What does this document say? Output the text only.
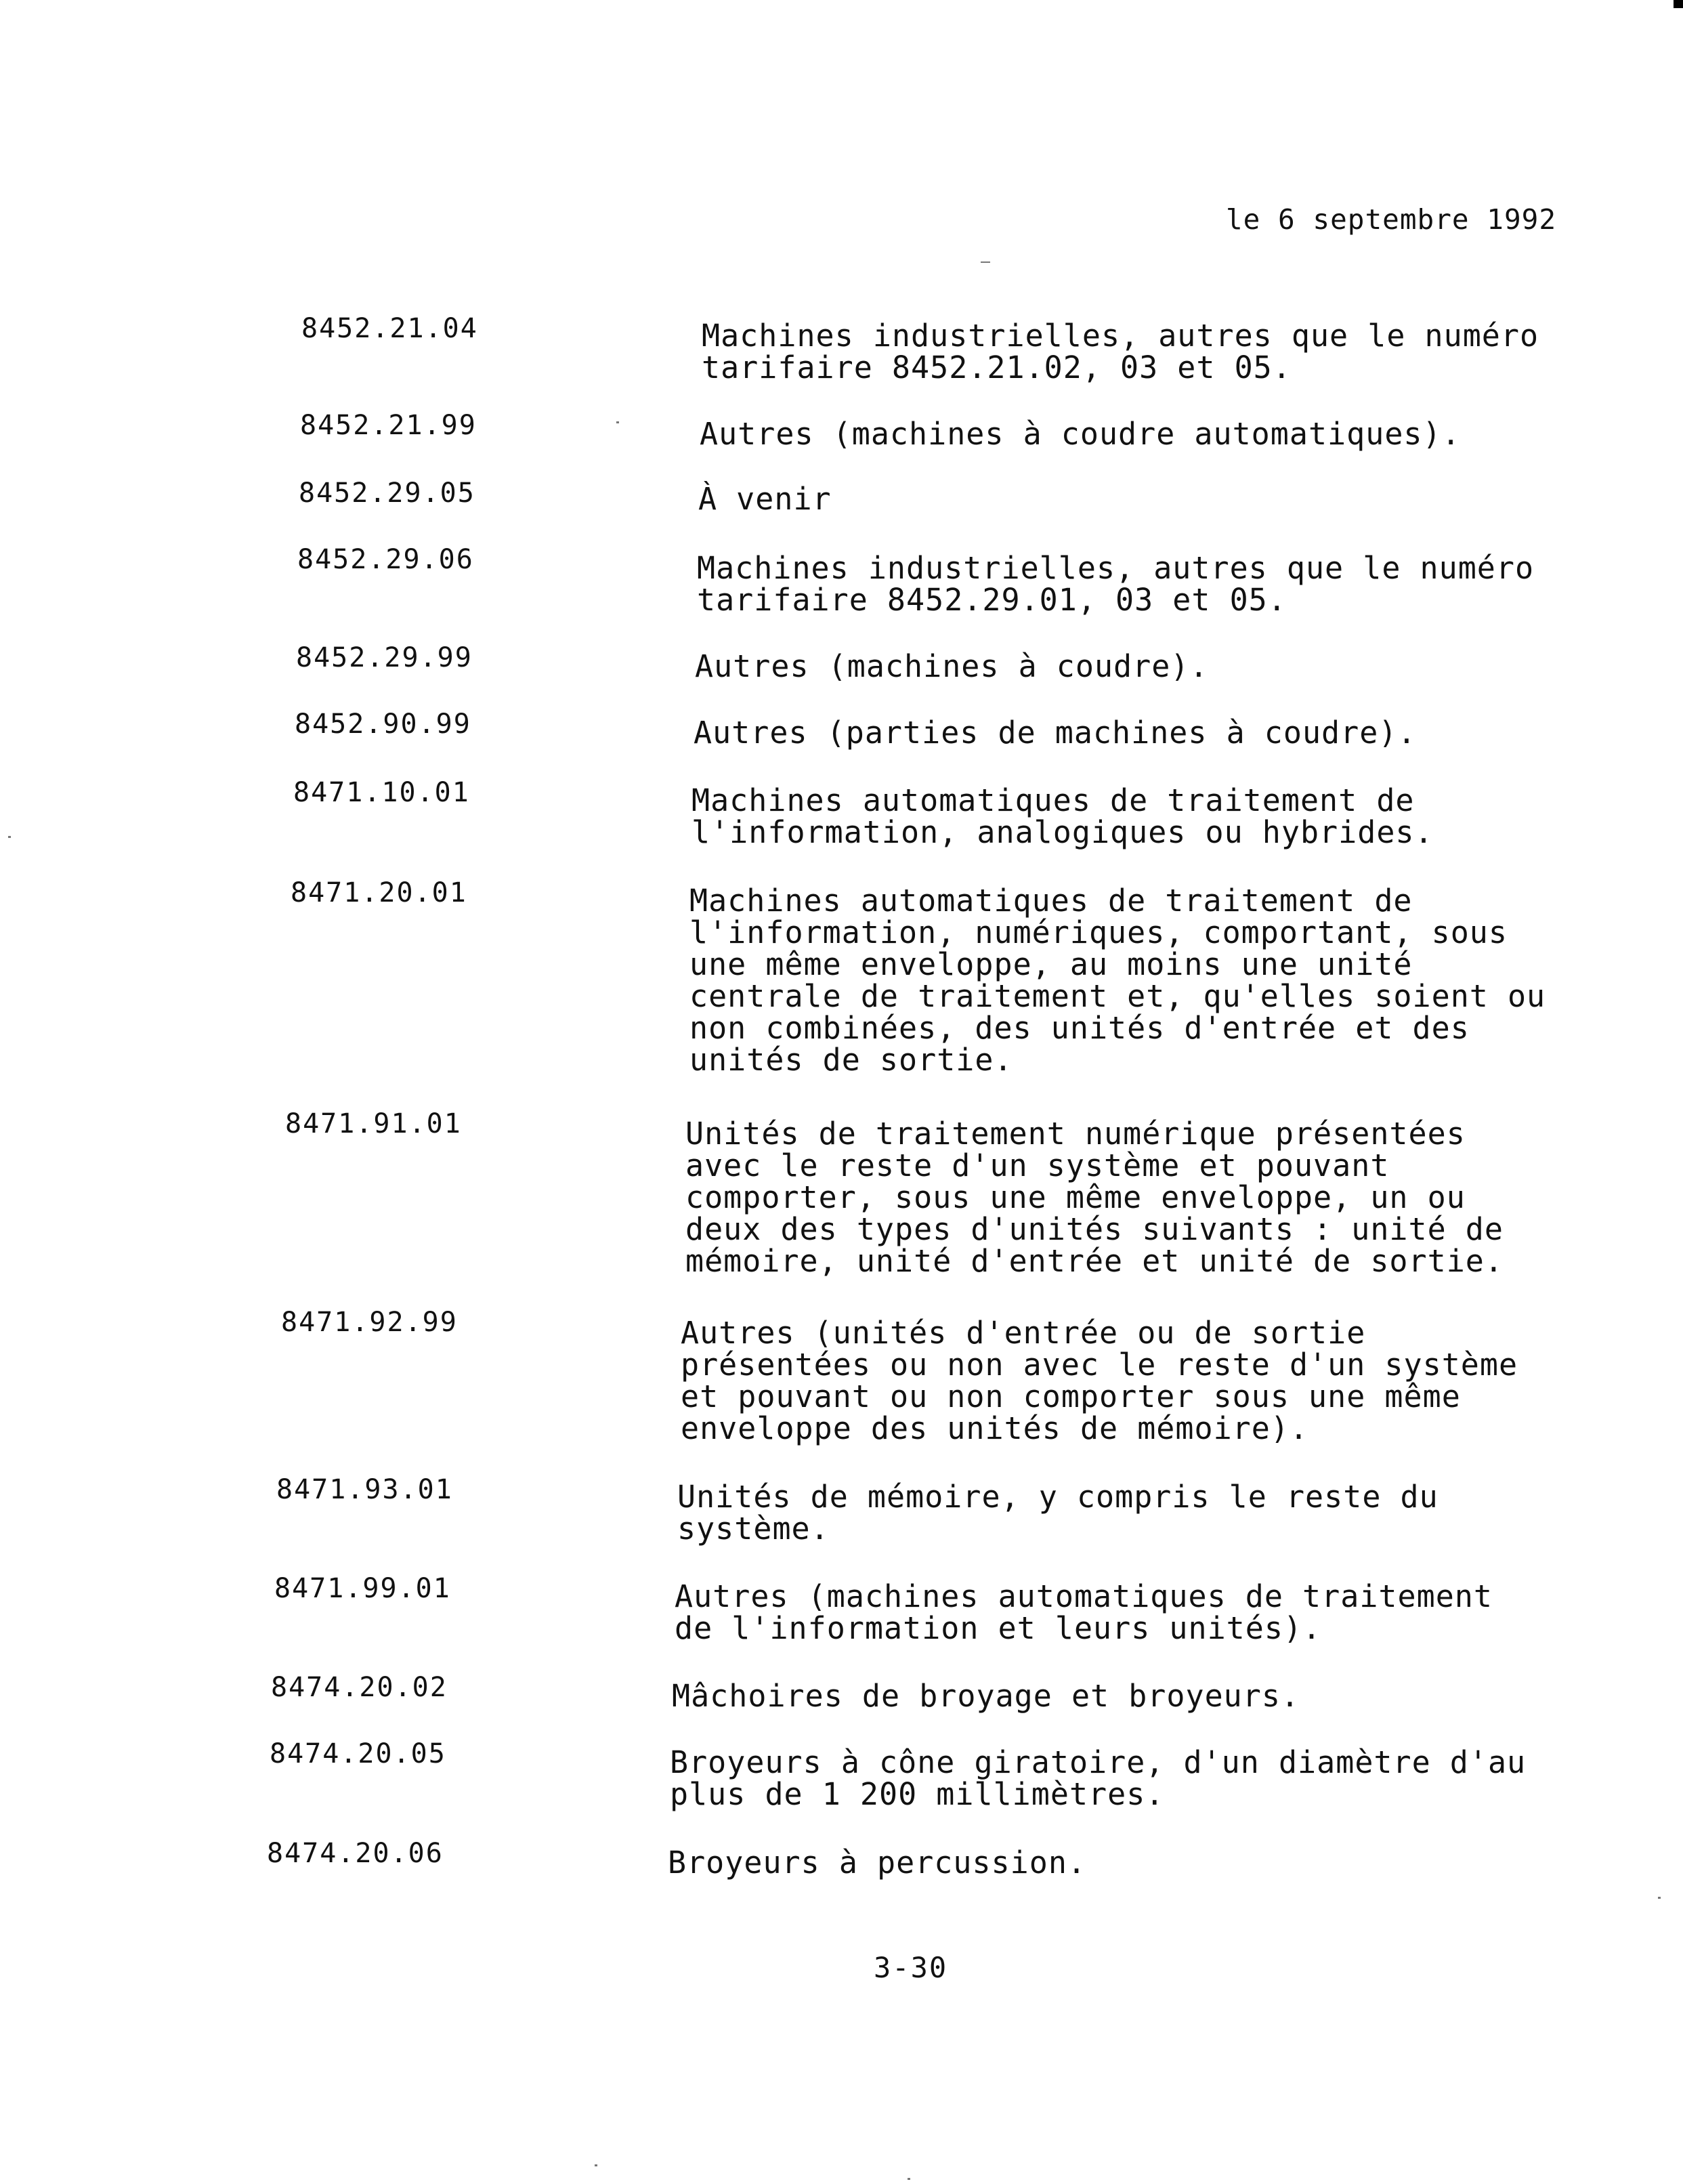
le 6 septembre 1992
8452.21.04	Machines industrielles, autres que le numéro
tarifaire 8452.21.02, 03 et 05.
8452.21.99	Autres (machines à coudre automatiques).
8452.29.05	À venir
8452.29.06	Machines industrielles, autres que le numéro
tarifaire 8452.29.01, 03 et 05.
8452.29.99	Autres (machines à coudre).
8452.90.99	Autres (parties de machines à coudre).
8471.10.01	Machines automatiques de traitement de
l'information, analogiques ou hybrides.
8471.20.01	Machines automatiques de traitement de
l'information, numériques, comportant, sous
une même enveloppe, au moins une unité
centrale de traitement et, qu'elles soient ou
non combinées, des unités d'entrée et des
unités de sortie.
8471.91.01	Unités de traitement numérique présentées
avec le reste d'un système et pouvant
comporter, sous une même enveloppe, un ou
deux des types d'unités suivants : unité de
mémoire, unité d'entrée et unité de sortie.
8471.92.99	Autres (unités d'entrée ou de sortie
présentées ou non avec le reste d'un système
et pouvant ou non comporter sous une même
enveloppe des unités de mémoire).
8471.93.01	Unités de mémoire, y compris le reste du
système.
8471.99.01	Autres (machines automatiques de traitement
de l'information et leurs unités).
8474.20.02	Mâchoires de broyage et broyeurs.
8474.20.05	Broyeurs à cône giratoire, d'un diamètre d'au
plus de 1 200 millimètres.
8474.20.06	Broyeurs à percussion.
3-30
